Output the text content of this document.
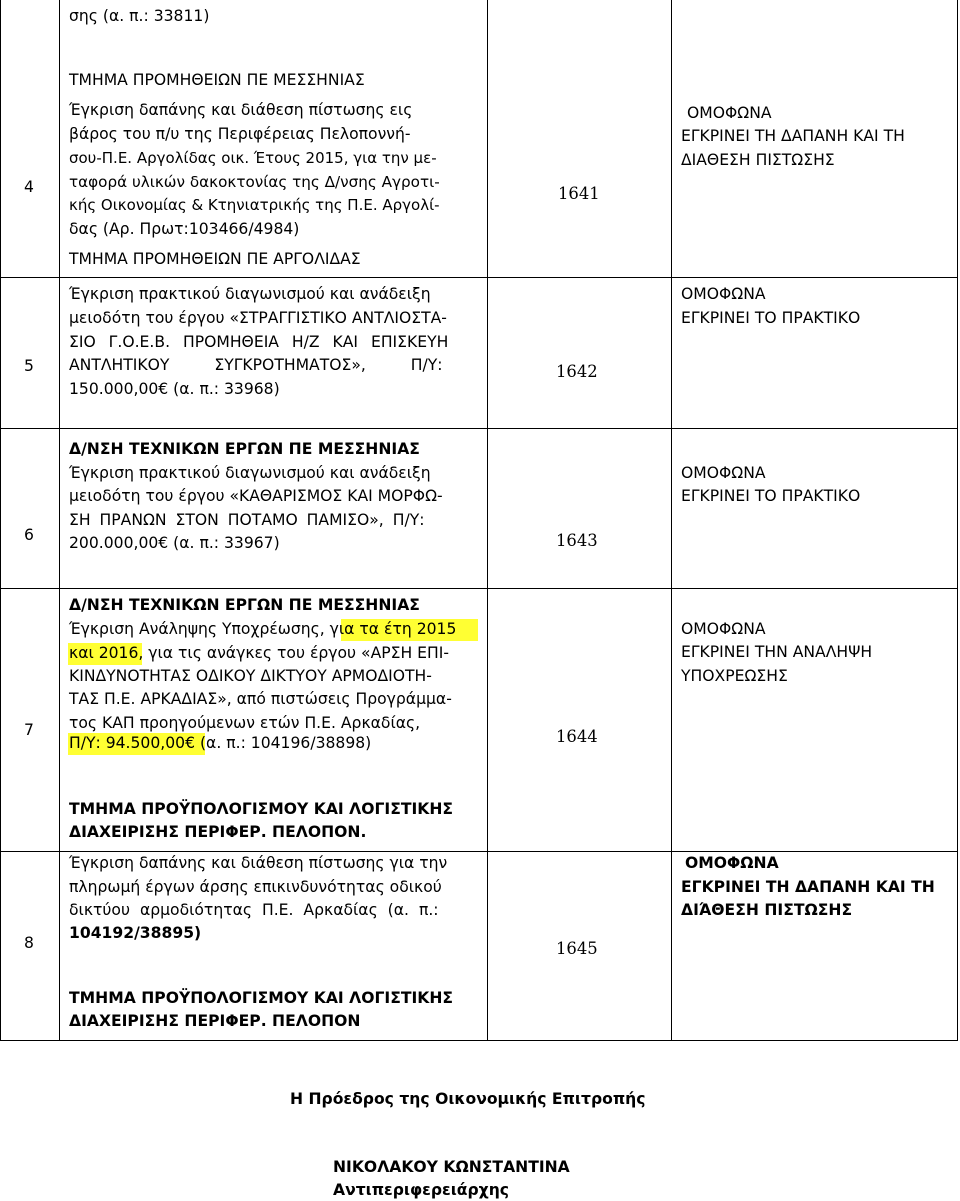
σης (α. π.: 33811)
4
ΤΜΗΜΑ ΠΡΟΜΗΘΕΙΩΝ ΠΕ ΜΕΣΣΗΝΙΑΣ
Έγκριση δαπάνης και διάθεση πίστωσης εις
βάρος του π/υ της Περιφέρειας Πελοποννή-
σου-Π.Ε. Αργολίδας οικ. Έτους 2015, για την με-
ταφορά υλικών δακοκτονίας της Δ/νσης Αγροτι-
κής Οικονομίας & Κτηνιατρικής της Π.Ε. Αργολί-
δας (Αρ. Πρωτ:103466/4984)
ΤΜΗΜΑ ΠΡΟΜΗΘΕΙΩΝ ΠΕ ΑΡΓΟΛΙΔΑΣ
1641
ΟΜΟΦΩΝΑ
ΕΓΚΡΙΝΕΙ ΤΗ ΔΑΠΑΝΗ ΚΑΙ ΤΗ
ΔΙΑΘΕΣΗ ΠΙΣΤΩΣΗΣ
5
Έγκριση πρακτικού διαγωνισμού και ανάδειξη
μειοδότη του έργου «ΣΤΡΑΓΓΙΣΤΙΚΟ ΑΝΤΛΙΟΣΤΑ-
ΣΙΟ Γ.Ο.Ε.Β. ΠΡΟΜΗΘΕΙΑ Η/Ζ ΚΑΙ ΕΠΙΣΚΕΥΗ
ΑΝΤΛΗΤΙΚΟΥ ΣΥΓΚΡΟΤΗΜΑΤΟΣ», Π/Υ:
150.000,00€ (α. π.: 33968)
1642
ΟΜΟΦΩΝΑ
ΕΓΚΡΙΝΕΙ ΤΟ ΠΡΑΚΤΙΚΟ
6
Δ/ΝΣΗ ΤΕΧΝΙΚΩΝ ΕΡΓΩΝ ΠΕ ΜΕΣΣΗΝΙΑΣ
Έγκριση πρακτικού διαγωνισμού και ανάδειξη
μειοδότη του έργου «ΚΑΘΑΡΙΣΜΟΣ ΚΑΙ ΜΟΡΦΩ-
ΣΗ ΠΡΑΝΩΝ ΣΤΟΝ ΠΟΤΑΜΟ ΠΑΜΙΣΟ», Π/Υ:
200.000,00€ (α. π.: 33967)	1643
ΟΜΟΦΩΝΑ
ΕΓΚΡΙΝΕΙ ΤΟ ΠΡΑΚΤΙΚΟ
7
Δ/ΝΣΗ ΤΕΧΝΙΚΩΝ ΕΡΓΩΝ ΠΕ ΜΕΣΣΗΝΙΑΣ
Έγκριση Ανάληψης Υποχρέωσης, για τα έτη 2015
και 2016, για τις ανάγκες του έργου «ΑΡΣΗ ΕΠΙ-
ΚΙΝΔΥΝΟΤΗΤΑΣ ΟΔΙΚΟΥ ΔΙΚΤΥΟΥ ΑΡΜΟΔΙΟΤΗ-
ΤΑΣ Π.Ε. ΑΡΚΑΔΙΑΣ», από πιστώσεις Προγράμμα-
τος ΚΑΠ προηγούμενων ετών Π.Ε. Αρκαδίας,
Π/Υ: 94.500,00€ (α. π.: 104196/38898)
ΤΜΗΜΑ ΠΡΟΫΠΟΛΟΓΙΣΜΟΥ ΚΑΙ ΛΟΓΙΣΤΙΚΗΣ
ΔΙΑΧΕΙΡΙΣΗΣ ΠΕΡΙΦΕΡ. ΠΕΛΟΠΟΝ.
1644
ΟΜΟΦΩΝΑ
ΕΓΚΡΙΝΕΙ ΤΗΝ ΑΝΑΛΗΨΗ
ΥΠΟΧΡΕΩΣΗΣ
8
Έγκριση δαπάνης και διάθεση πίστωσης για την
πληρωμή έργων άρσης επικινδυνότητας οδικού
δικτύου αρμοδιότητας Π.Ε. Αρκαδίας (α. π.:
104192/38895)
ΤΜΗΜΑ ΠΡΟΫΠΟΛΟΓΙΣΜΟΥ ΚΑΙ ΛΟΓΙΣΤΙΚΗΣ
ΔΙΑΧΕΙΡΙΣΗΣ ΠΕΡΙΦΕΡ. ΠΕΛΟΠΟΝ
1645
ΟΜΟΦΩΝΑ
ΕΓΚΡΙΝΕΙ ΤΗ ΔΑΠΑΝΗ ΚΑΙ ΤΗ
ΔΙΆΘΕΣΗ ΠΙΣΤΩΣΗΣ
Η Πρόεδρος της Οικονομικής Επιτροπής
ΝΙΚΟΛΑΚΟΥ ΚΩΝΣΤΑΝΤΙΝΑ
Αντιπεριφερειάρχης
